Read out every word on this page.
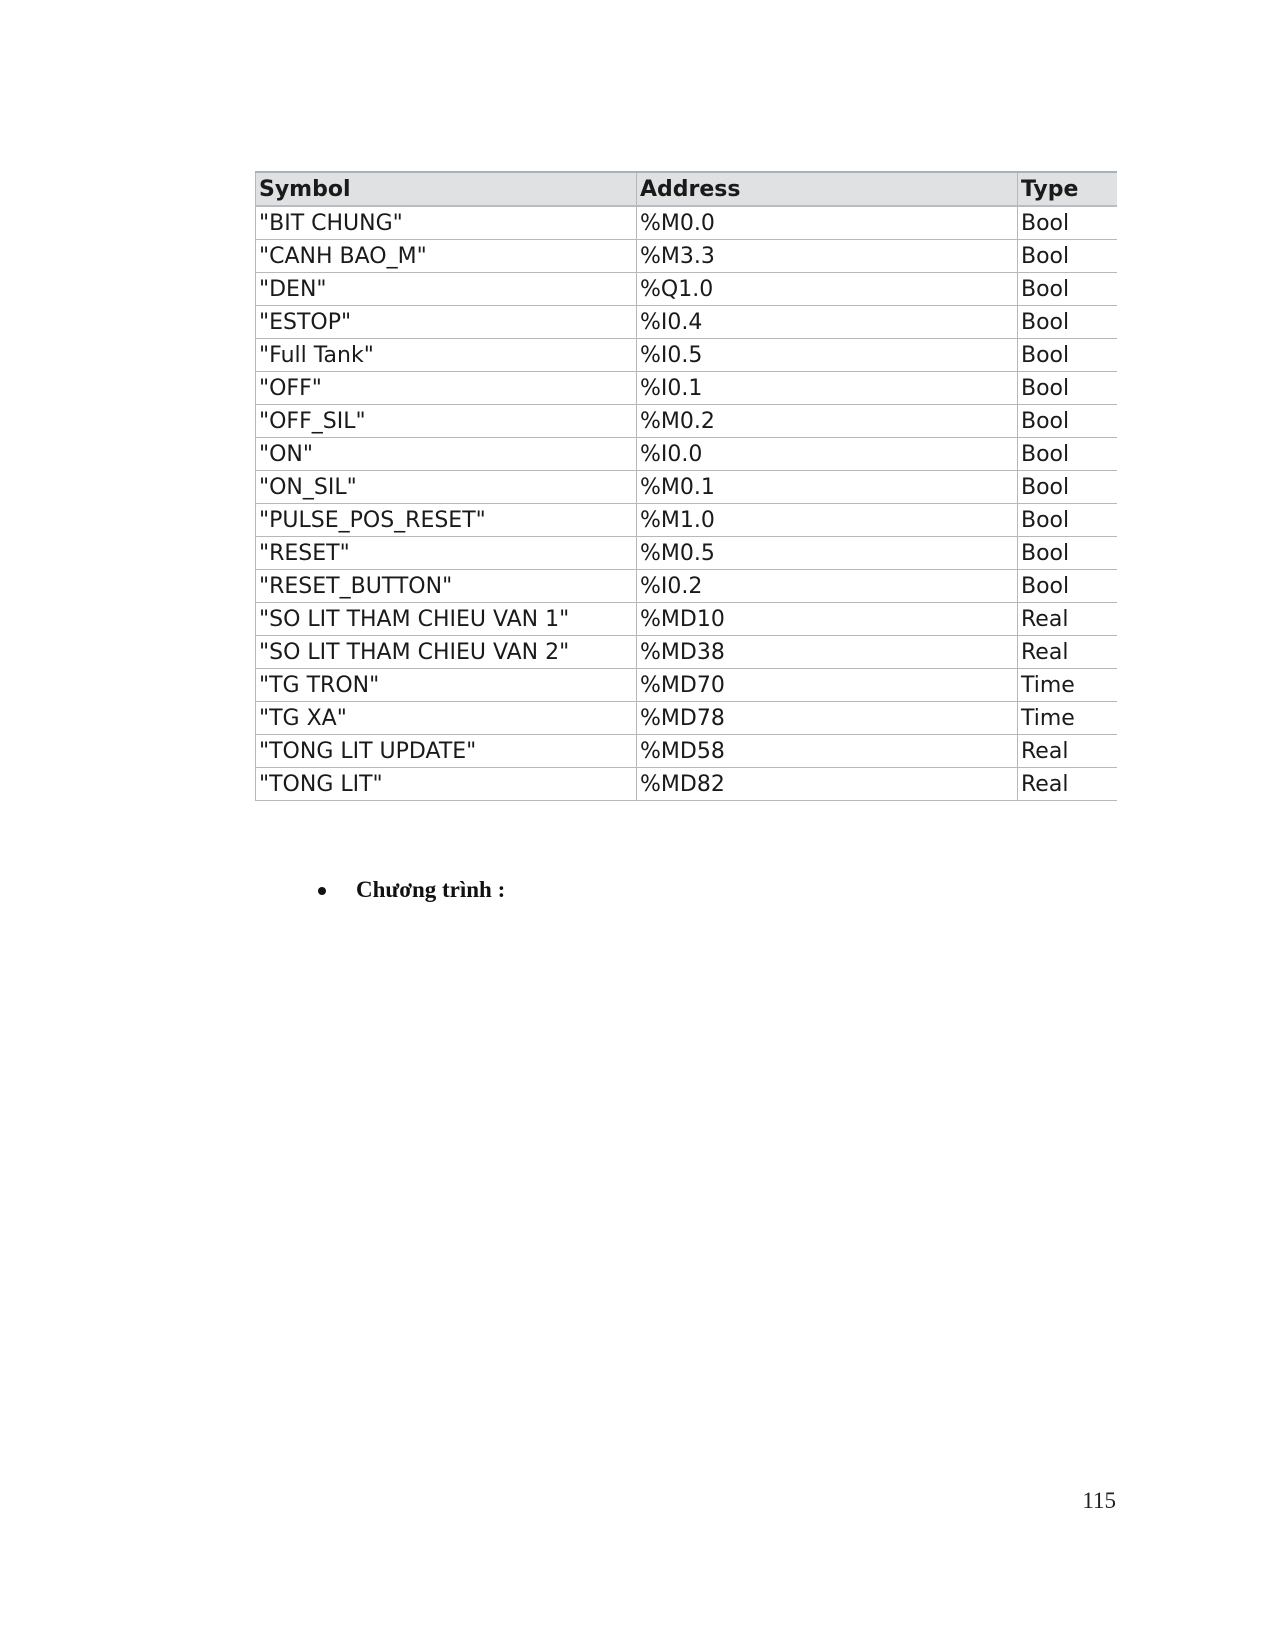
Symbol	Address	Type
"BIT CHUNG"	%M0.0	Bool
"CANH BAO_M"	%M3.3	Bool
"DEN"	%Q1.0	Bool
"ESTOP"	%I0.4	Bool
"Full Tank"	%I0.5	Bool
"OFF"	%I0.1	Bool
"OFF_SIL"	%M0.2	Bool
"ON"	%I0.0	Bool
"ON_SIL"	%M0.1	Bool
"PULSE_POS_RESET"	%M1.0	Bool
"RESET"	%M0.5	Bool
"RESET_BUTTON"	%I0.2	Bool
"SO LIT THAM CHIEU VAN 1"	%MD10	Real
"SO LIT THAM CHIEU VAN 2"	%MD38	Real
"TG TRON"	%MD70	Time
"TG XA"	%MD78	Time
"TONG LIT UPDATE"	%MD58	Real
"TONG LIT"	%MD82	Real
Chương trình :
115
